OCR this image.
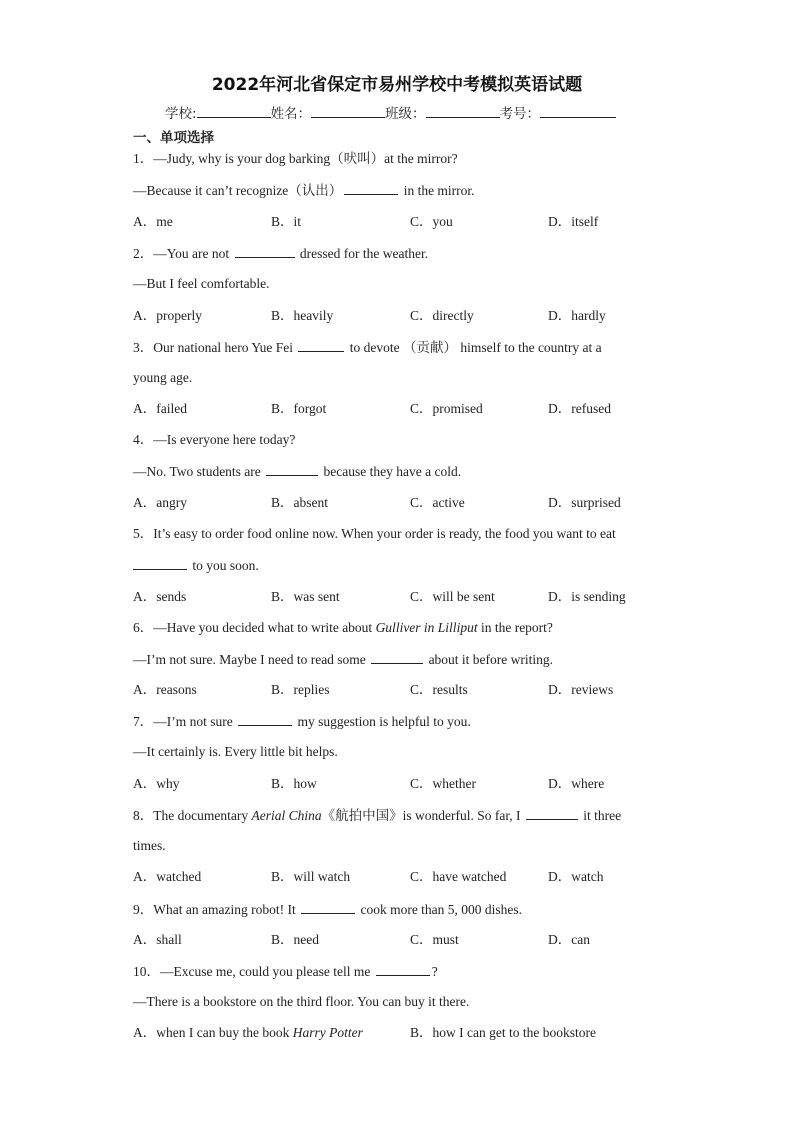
2022年河北省保定市易州学校中考模拟英语试题
学校:	姓名：	班级：	考号：
一、单项选择
1．—Judy, why is your dog barking（吠叫）at the mirror?
—Because it can’t recognize（认出）	in the mirror.
A．me	B．it	C．you	D．itself
2．—You are not	dressed for the weather.
—But I feel comfortable.
A．properly	B．heavily	C．directly	D．hardly
3．Our national hero Yue Fei	to devote （贡献） himself to the country at a
young age.
A．failed	B．forgot	C．promised	D．refused
4．—Is everyone here today?
—No. Two students are	because they have a cold.
A．angry	B．absent	C．active	D．surprised
5．It’s easy to order food online now. When your order is ready, the food you want to eat
to you soon.
A．sends	B．was sent	C．will be sent	D．is sending
6．—Have you decided what to write about Gulliver in Lilliput in the report?
—I’m not sure. Maybe I need to read some	about it before writing.
A．reasons	B．replies	C．results	D．reviews
7．—I’m not sure	my suggestion is helpful to you.
—It certainly is. Every little bit helps.
A．why	B．how	C．whether	D．where
8．The documentary Aerial China《航拍中国》is wonderful. So far, I	it three
times.
A．watched	B．will watch	C．have watched	D．watch
9．What an amazing robot! It	cook more than 5, 000 dishes.
A．shall	B．need	C．must	D．can
10．—Excuse me, could you please tell me	?
—There is a bookstore on the third floor. You can buy it there.
A．when I can buy the book Harry Potter	B．how I can get to the bookstore
